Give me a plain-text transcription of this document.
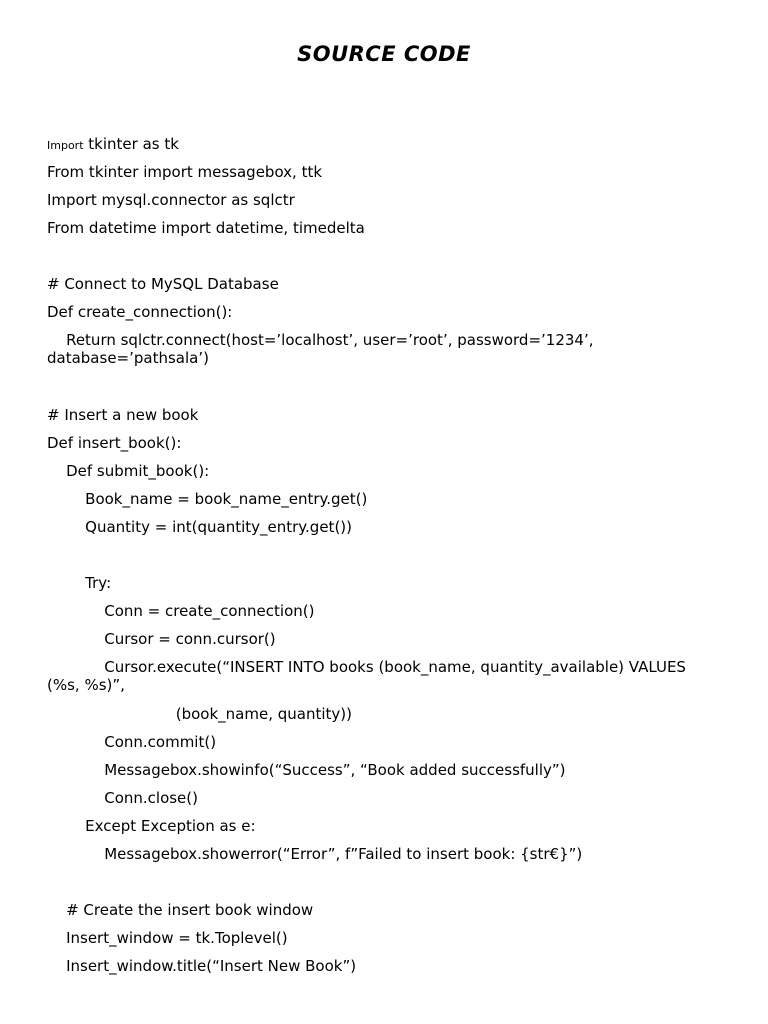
SOURCE CODE
Import tkinter as tk
From tkinter import messagebox, ttk
Import mysql.connector as sqlctr
From datetime import datetime, timedelta
# Connect to MySQL Database
Def create_connection():
Return sqlctr.connect(host=’localhost’, user=’root’, password=’1234’, database=’pathsala’)
# Insert a new book
Def insert_book():
Def submit_book():
Book_name = book_name_entry.get()
Quantity = int(quantity_entry.get())
Try:
Conn = create_connection()
Cursor = conn.cursor()
Cursor.execute(“INSERT INTO books (book_name, quantity_available) VALUES (%s, %s)”,
(book_name, quantity))
Conn.commit()
Messagebox.showinfo(“Success”, “Book added successfully”)
Conn.close()
Except Exception as e:
Messagebox.showerror(“Error”, f”Failed to insert book: {str€}”)
# Create the insert book window
Insert_window = tk.Toplevel()
Insert_window.title(“Insert New Book”)
